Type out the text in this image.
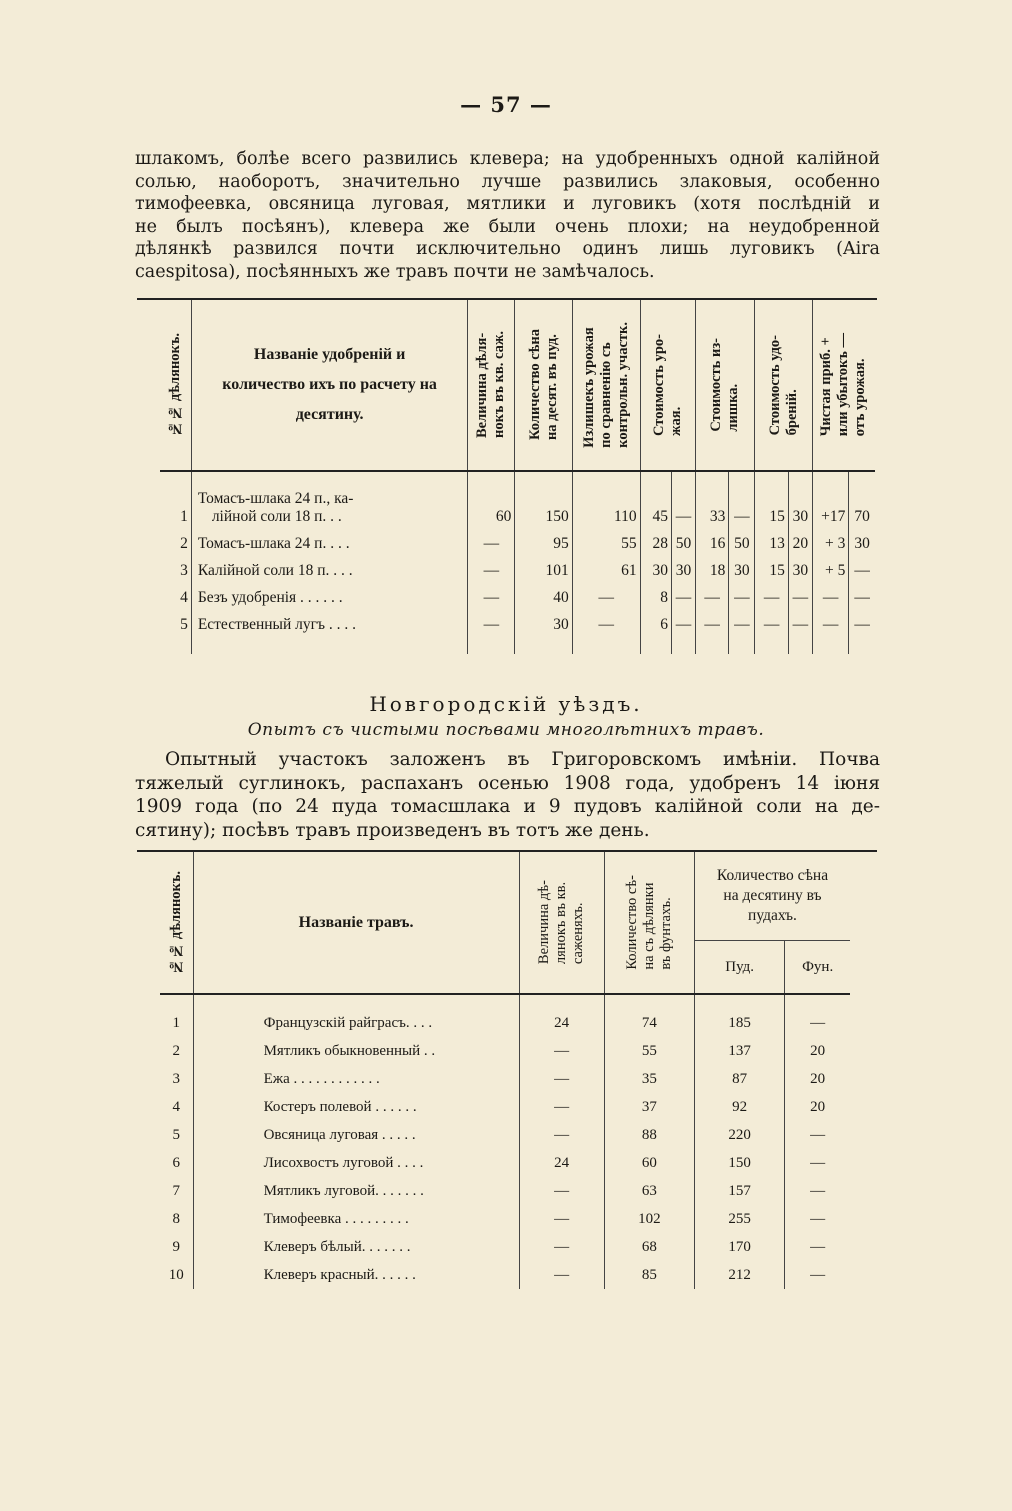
— 57 —
шлакомъ, болѣе всего развились клевера; на удобренныхъ одной калійной
солью, наоборотъ, значительно лучше развились злаковыя, особенно
тимофеевка, овсяница луговая, мятлики и луговикъ (хотя послѣдній и
не былъ посѣянъ), клевера же были очень плохи; на неудобренной
дѣлянкѣ развился почти исключительно одинъ лишь луговикъ (Aira
caespitosa), посѣянныхъ же травъ почти не замѣчалось.
№№ дѣлянокъ.	Названіе удобреній и количество ихъ по расчету на десятину.	Величина дѣля-
нокъ въ кв. саж.	Количество сѣна
на десят. въ пуд.	Излишекъ урожая
по сравненію съ
контрольн. участк.	Стоимость уро-
жая.		Стоимость из-
лишка.		Стоимость удо-
бреній.		Чистая приб. +
или убытокъ —
отъ урожая.	

1	Томасъ-шлака 24 п., ка-
лійной соли 18 п. . .	60	150	110	45	—	33	—	15	30	+17	70
2	Томасъ-шлака 24 п. . . .	—	95	55	28	50	16	50	13	20	+ 3	30
3	Калійной соли 18 п. . . .	—	101	61	30	30	18	30	15	30	+ 5	—
4	Безъ удобренія . . . . . .	—	40	—	8	—	—	—	—	—	—	—
5	Естественный лугъ . . . .	—	30	—	6	—	—	—	—	—	—	—

Новгородскій уѣздъ.
Опытъ съ чистыми посѣвами многолѣтнихъ травъ.
Опытный участокъ заложенъ въ Григоровскомъ имѣніи. Почва
тяжелый суглинокъ, распаханъ осенью 1908 года, удобренъ 14 іюня
1909 года (по 24 пуда томасшлака и 9 пудовъ калійной соли на де-
сятину); посѣвъ травъ произведенъ въ тотъ же день.
№№ дѣлянокъ.	Названіе травъ.	Величина дѣ-
лянокъ въ кв.
саженяхъ.	Количество сѣ-
на съ дѣлянки
въ фунтахъ.	Количество сѣна на десятину въ пудахъ.	

				Пуд.	Фун.

1	Французскій райграсъ. . . .	24	74	185	—
2	Мятликъ обыкновенный . .	—	55	137	20
3	Ежа . . . . . . . . . . . .	—	35	87	20
4	Костеръ полевой . . . . . .	—	37	92	20
5	Овсяница луговая . . . . .	—	88	220	—
6	Лисохвостъ луговой . . . .	24	60	150	—
7	Мятликъ луговой. . . . . . .	—	63	157	—
8	Тимофеевка . . . . . . . . .	—	102	255	—
9	Клеверъ бѣлый. . . . . . .	—	68	170	—
10	Клеверъ красный. . . . . .	—	85	212	—
